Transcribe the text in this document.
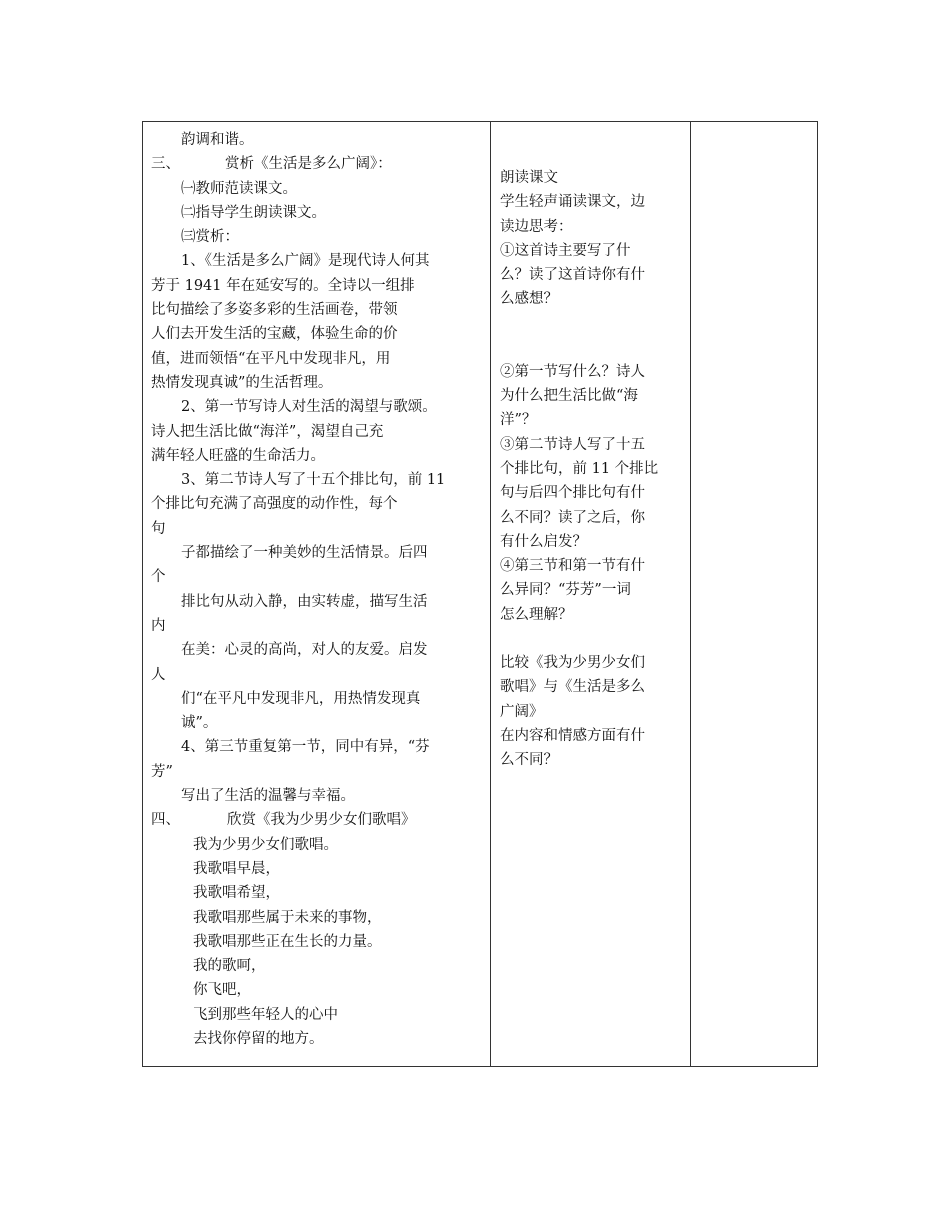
韵调和谐。
三、	赏析《生活是多么广阔》：
㈠教师范读课文。
㈡指导学生朗读课文。
㈢赏析：
1、《生活是多么广阔》是现代诗人何其
芳于 1941 年在延安写的。全诗以一组排
比句描绘了多姿多彩的生活画卷，带领
人们去开发生活的宝藏，体验生命的价
值，进而领悟“在平凡中发现非凡，用
热情发现真诚”的生活哲理。
2、第一节写诗人对生活的渴望与歌颂。
诗人把生活比做“海洋”，渴望自己充
满年轻人旺盛的生命活力。
3、第二节诗人写了十五个排比句，前 11
个排比句充满了高强度的动作性，每个
句
子都描绘了一种美妙的生活情景。后四
个
排比句从动入静，由实转虚，描写生活
内
在美：心灵的高尚，对人的友爱。启发
人
们“在平凡中发现非凡，用热情发现真
诚”。
4、第三节重复第一节，同中有异，“芬
芳”
写出了生活的温馨与幸福。
四、	欣赏《我为少男少女们歌唱》
我为少男少女们歌唱。
我歌唱早晨，
我歌唱希望，
我歌唱那些属于未来的事物，
我歌唱那些正在生长的力量。
我的歌呵，
你飞吧，
飞到那些年轻人的心中
去找你停留的地方。
朗读课文
学生轻声诵读课文，边
读边思考：
①这首诗主要写了什
么？读了这首诗你有什
么感想？
②第一节写什么？诗人
为什么把生活比做“海
洋”？
③第二节诗人写了十五
个排比句，前 11 个排比
句与后四个排比句有什
么不同？读了之后，你
有什么启发？
④第三节和第一节有什
么异同？“芬芳”一词
怎么理解？
比较《我为少男少女们
歌唱》与《生活是多么
广阔》
在内容和情感方面有什
么不同？
